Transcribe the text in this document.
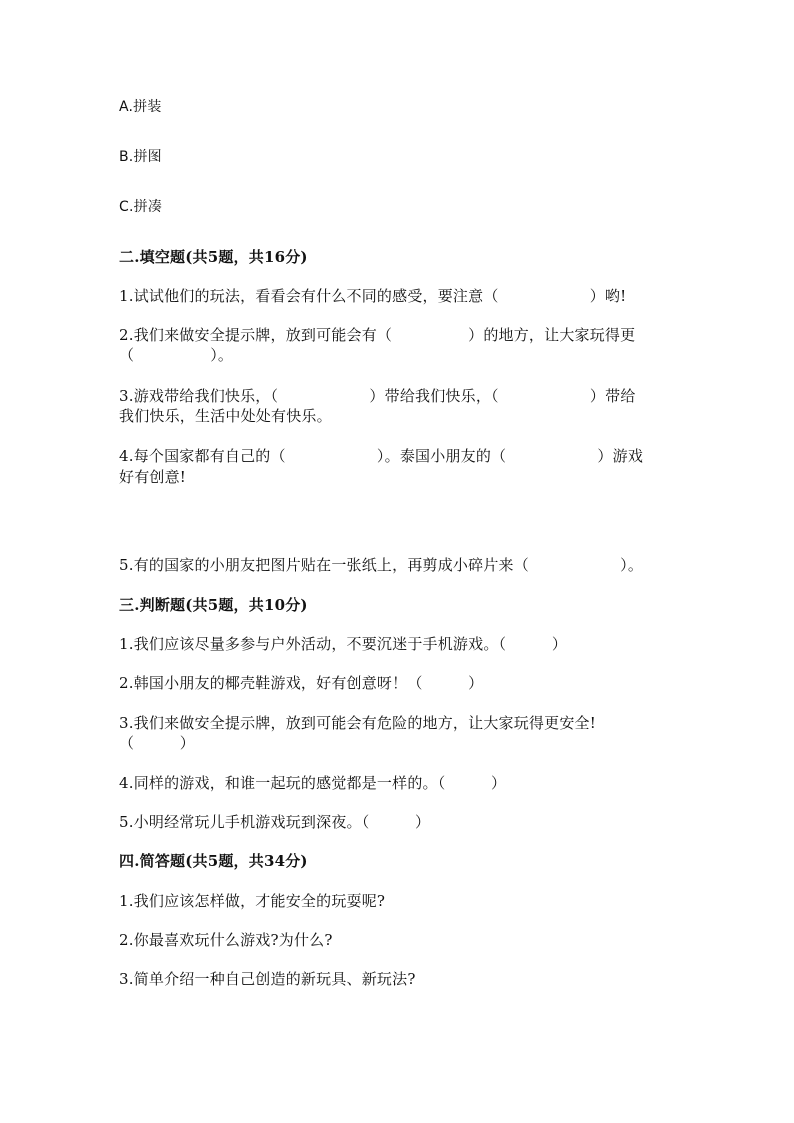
A.拼装
B.拼图
C.拼凑
二.填空题(共5题，共16分)
1.试试他们的玩法，看看会有什么不同的感受，要注意（　　　　　　）哟!
2.我们来做安全提示牌，放到可能会有（　　　　　）的地方，让大家玩得更
（　　　　　）。
3.游戏带给我们快乐，（　　　　　　）带给我们快乐，（　　　　　　）带给
我们快乐，生活中处处有快乐。
4.每个国家都有自己的（　　　　　　）。泰国小朋友的（　　　　　　）游戏
好有创意!
5.有的国家的小朋友把图片贴在一张纸上，再剪成小碎片来（　　　　　　）。
三.判断题(共5题，共10分)
1.我们应该尽量多参与户外活动，不要沉迷于手机游戏。（　　　）
2.韩国小朋友的椰壳鞋游戏，好有创意呀！（　　　）
3.我们来做安全提示牌，放到可能会有危险的地方，让大家玩得更安全!
（　　　）
4.同样的游戏，和谁一起玩的感觉都是一样的。（　　　）
5.小明经常玩儿手机游戏玩到深夜。（　　　）
四.简答题(共5题，共34分)
1.我们应该怎样做，才能安全的玩耍呢?
2.你最喜欢玩什么游戏?为什么?
3.简单介绍一种自己创造的新玩具、新玩法?
